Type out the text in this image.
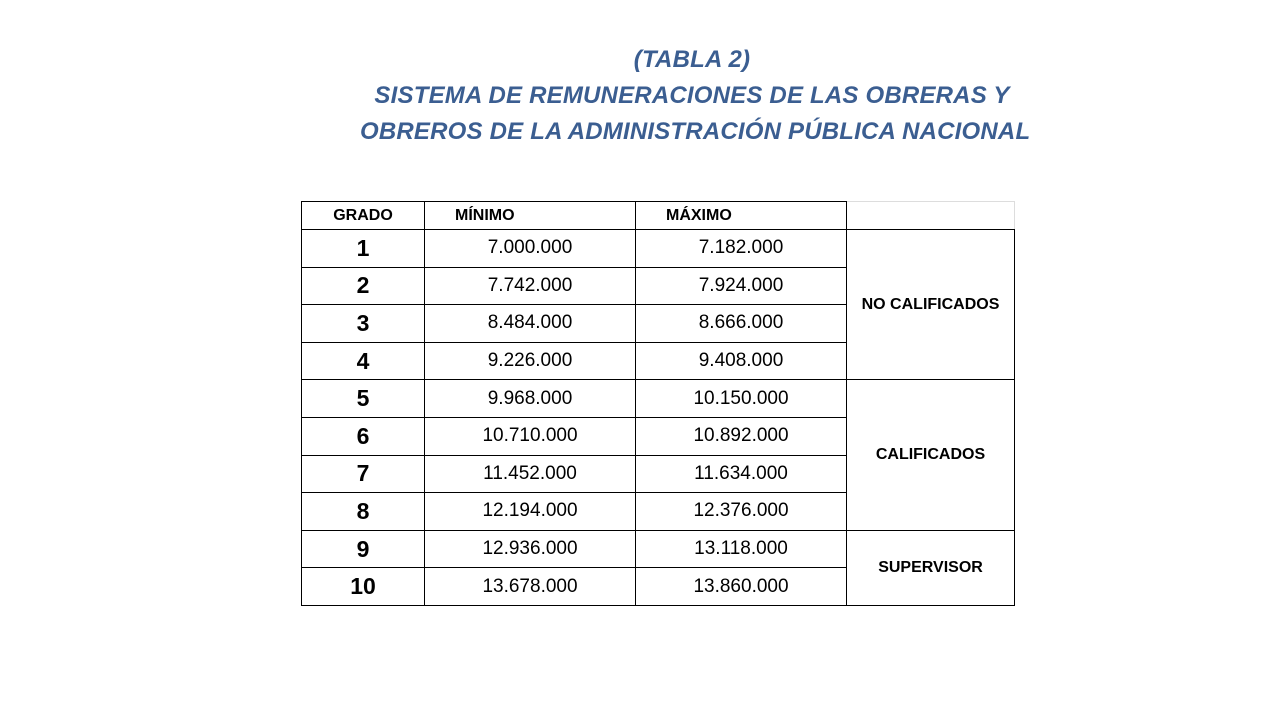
(TABLA 2)
SISTEMA DE REMUNERACIONES DE LAS OBRERAS Y
OBREROS DE LA ADMINISTRACIÓN PÚBLICA NACIONAL
GRADO	MÍNIMO	MÁXIMO	
1	7.000.000	7.182.000	NO CALIFICADOS
2	7.742.000	7.924.000	
3	8.484.000	8.666.000	
4	9.226.000	9.408.000	
5	9.968.000	10.150.000	CALIFICADOS
6	10.710.000	10.892.000	
7	11.452.000	11.634.000	
8	12.194.000	12.376.000	
9	12.936.000	13.118.000	SUPERVISOR
10	13.678.000	13.860.000	
